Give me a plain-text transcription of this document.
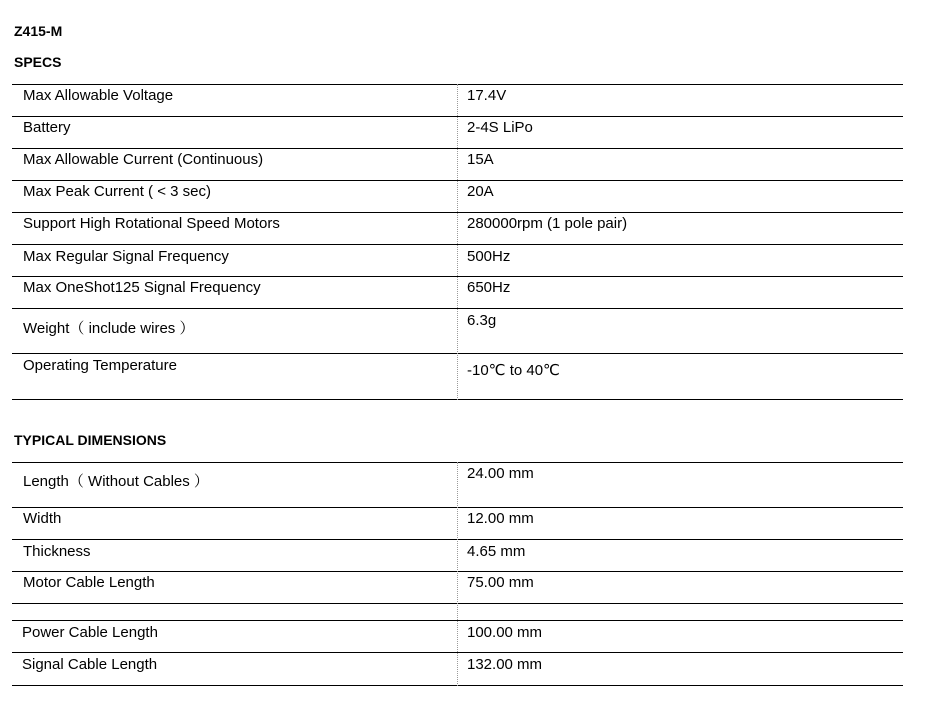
Z415-M
SPECS
Max Allowable Voltage	17.4V
Battery	2-4S LiPo
Max Allowable Current (Continuous)	15A
Max Peak Current ( < 3 sec)	20A
Support High Rotational Speed Motors	280000rpm (1 pole pair)
Max Regular Signal Frequency	500Hz
Max OneShot125 Signal Frequency	650Hz
Weight（ include wires ）	6.3g
Operating Temperature	-10℃ to 40℃
TYPICAL DIMENSIONS
Length（ Without Cables ）	24.00 mm
Width	12.00 mm
Thickness	4.65 mm
Motor Cable Length	75.00 mm
Power Cable Length	100.00 mm
Signal Cable Length	132.00 mm
